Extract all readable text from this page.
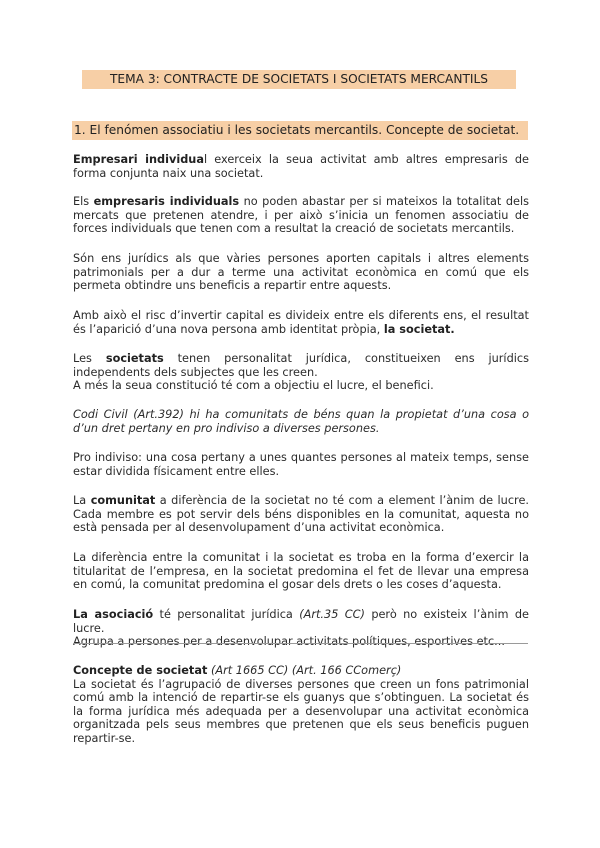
TEMA 3: CONTRACTE DE SOCIETATS I SOCIETATS MERCANTILS
1. El fenómen associatiu i les societats mercantils. Concepte de societat.

Empresari individual exerceix la seua activitat amb altres empresaris de forma conjunta naix una societat.

Els empresaris individuals no poden abastar per si mateixos la totalitat dels mercats que pretenen atendre, i per això s’inicia un fenomen associatiu de forces individuals que tenen com a resultat la creació de societats mercantils.

Són ens jurídics als que vàries persones aporten capitals i altres elements patrimonials per a dur a terme una activitat econòmica en comú que els permeta obtindre uns beneficis a repartir entre aquests.

Amb això el risc d’invertir capital es divideix entre els diferents ens, el resultat és l’aparició d’una nova persona amb identitat pròpia, la societat.

Les societats tenen personalitat jurídica, constitueixen ens jurídics independents dels subjectes que les creen.
A més la seua constitució té com a objectiu el lucre, el benefici.

Codi Civil (Art.392) hi ha comunitats de béns quan la propietat d’una cosa o d’un dret pertany en pro indiviso a diverses persones.

Pro indiviso: una cosa pertany a unes quantes persones al mateix temps, sense estar dividida físicament entre elles.

La comunitat a diferència de la societat no té com a element l’ànim de lucre. Cada membre es pot servir dels béns disponibles en la comunitat, aquesta no està pensada per al desenvolupament d’una activitat econòmica.

La diferència entre la comunitat i la societat es troba en la forma d’exercir la titularitat de l’empresa, en la societat predomina el fet de llevar una empresa en comú, la comunitat predomina el gosar dels drets o les coses d’aquesta.

La asociació té personalitat jurídica (Art.35 CC) però no existeix l’ànim de lucre.
Agrupa a persones per a desenvolupar activitats polítiques, esportives etc...

Concepte de societat (Art 1665 CC) (Art. 166 CComerç)
La societat és l’agrupació de diverses persones que creen un fons patrimonial comú amb la intenció de repartir-se els guanys que s’obtinguen. La societat és la forma jurídica més adequada per a desenvolupar una activitat econòmica organitzada pels seus membres que pretenen que els seus beneficis puguen repartir-se.
